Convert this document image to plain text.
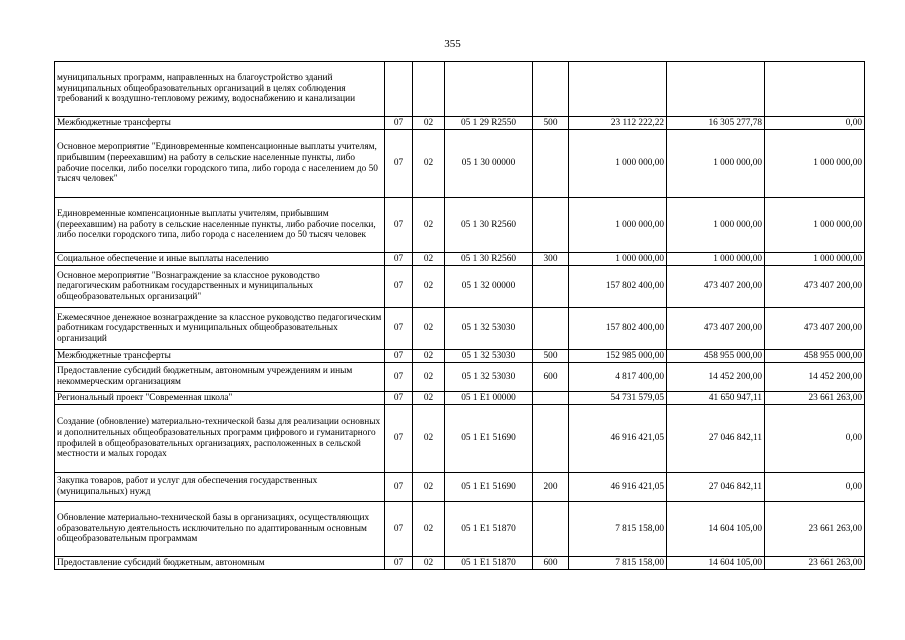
355
муниципальных программ, направленных на благоустройство зданий муниципальных общеобразовательных организаций в целях соблюдения требований к воздушно-тепловому режиму, водоснабжению и канализации							
Межбюджетные трансферты	07	02	05 1 29 R2550	500	23 112 222,22	16 305 277,78	0,00
Основное мероприятие "Единовременные компенсационные выплаты учителям, прибывшим (переехавшим) на работу в сельские населенные пункты, либо рабочие поселки, либо поселки городского типа, либо города с населением до 50 тысяч человек"	07	02	05 1 30 00000		1 000 000,00	1 000 000,00	1 000 000,00
Единовременные компенсационные выплаты учителям, прибывшим (переехавшим) на работу в сельские населенные пункты, либо рабочие поселки, либо поселки городского типа, либо города с населением до 50 тысяч человек	07	02	05 1 30 R2560		1 000 000,00	1 000 000,00	1 000 000,00
Социальное обеспечение и иные выплаты населению	07	02	05 1 30 R2560	300	1 000 000,00	1 000 000,00	1 000 000,00
Основное мероприятие "Вознаграждение за классное руководство педагогическим работникам государственных и муниципальных общеобразовательных организаций"	07	02	05 1 32 00000		157 802 400,00	473 407 200,00	473 407 200,00
Ежемесячное денежное вознаграждение за классное руководство педагогическим работникам государственных и муниципальных общеобразовательных организаций	07	02	05 1 32 53030		157 802 400,00	473 407 200,00	473 407 200,00
Межбюджетные трансферты	07	02	05 1 32 53030	500	152 985 000,00	458 955 000,00	458 955 000,00
Предоставление субсидий бюджетным, автономным учреждениям и иным некоммерческим организациям	07	02	05 1 32 53030	600	4 817 400,00	14 452 200,00	14 452 200,00
Региональный проект "Современная школа"	07	02	05 1 E1 00000		54 731 579,05	41 650 947,11	23 661 263,00
Создание (обновление) материально-технической базы для реализации основных и дополнительных общеобразовательных программ цифрового и гуманитарного профилей в общеобразовательных организациях, расположенных в сельской местности и малых городах	07	02	05 1 E1 51690		46 916 421,05	27 046 842,11	0,00
Закупка товаров, работ и услуг для обеспечения государственных (муниципальных) нужд	07	02	05 1 E1 51690	200	46 916 421,05	27 046 842,11	0,00
Обновление материально-технической базы в организациях, осуществляющих образовательную деятельность исключительно по адаптированным основным общеобразовательным программам	07	02	05 1 E1 51870		7 815 158,00	14 604 105,00	23 661 263,00
Предоставление субсидий бюджетным, автономным	07	02	05 1 E1 51870	600	7 815 158,00	14 604 105,00	23 661 263,00
